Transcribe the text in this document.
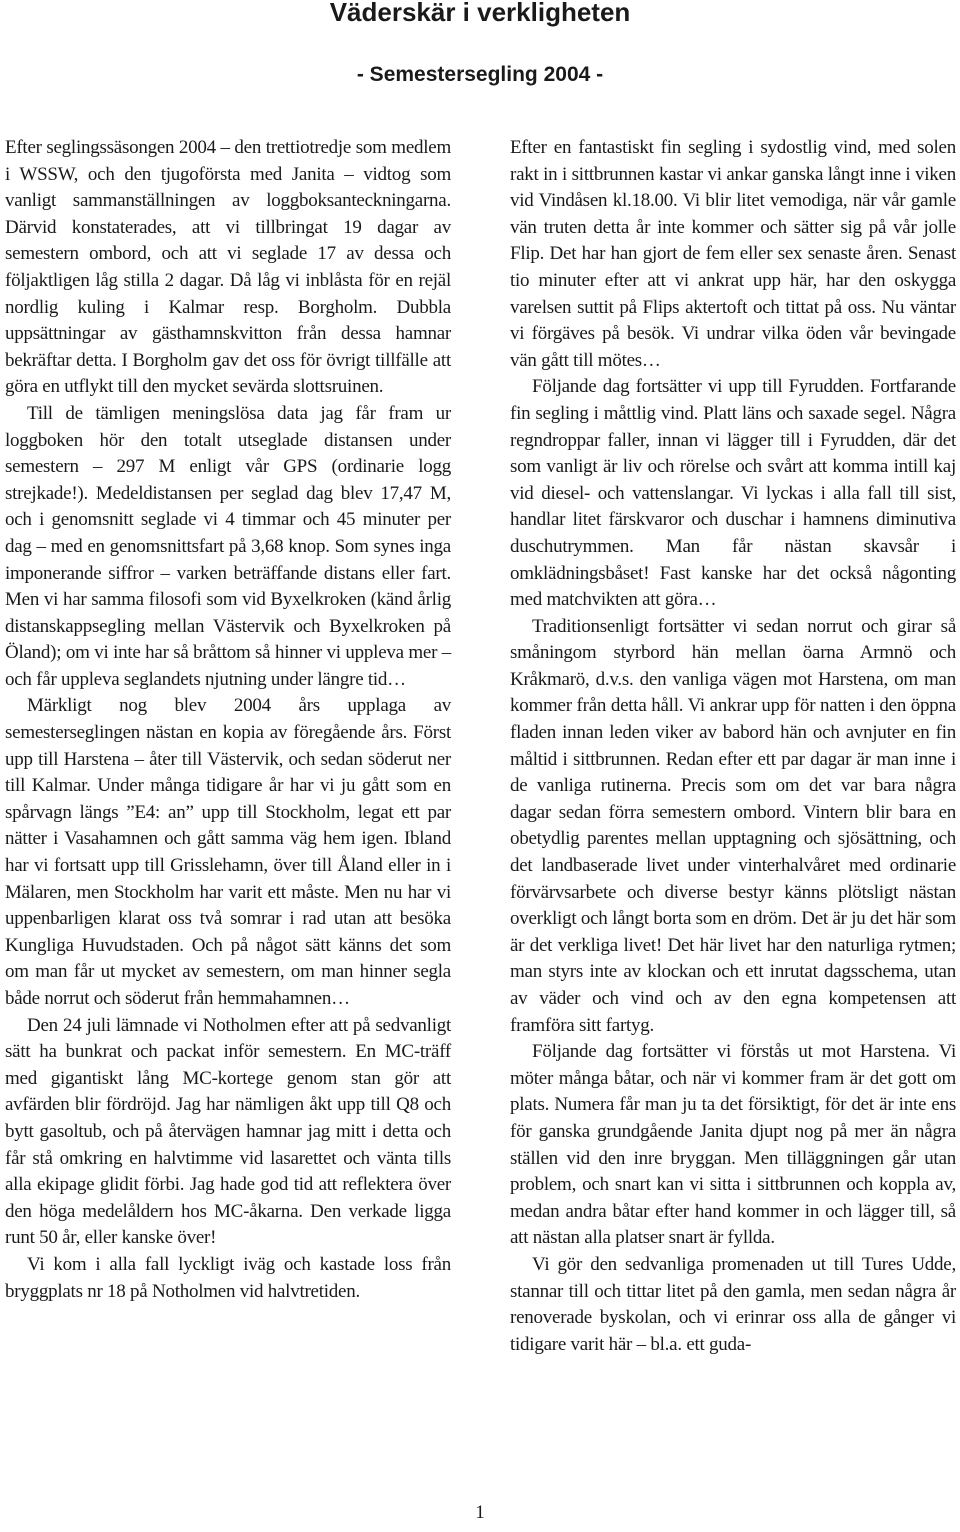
Väderskär i verkligheten
- Semestersegling 2004 -

Efter seglingssäsongen 2004 – den trettiotredje som medlem i WSSW, och den tjugoförsta med Janita – vidtog som vanligt sammanställningen av loggboksanteckningarna. Därvid konstaterades, att vi tillbringat 19 dagar av semestern ombord, och att vi seglade 17 av dessa och följaktligen låg stilla 2 dagar. Då låg vi inblåsta för en rejäl nordlig kuling i Kalmar resp. Borgholm. Dubbla uppsättningar av gästhamnskvitton från dessa hamnar bekräftar detta. I Borgholm gav det oss för övrigt tillfälle att göra en utflykt till den mycket sevärda slottsruinen.

Till de tämligen meningslösa data jag får fram ur loggboken hör den totalt utseglade distansen under semestern – 297 M enligt vår GPS (ordinarie logg strejkade!). Medeldistansen per seglad dag blev 17,47 M, och i genomsnitt seglade vi 4 timmar och 45 minuter per dag – med en genomsnittsfart på 3,68 knop. Som synes inga imponerande siffror – varken beträffande distans eller fart. Men vi har samma filosofi som vid Byxelkroken (känd årlig distanskappsegling mellan Västervik och Byxelkroken på Öland); om vi inte har så bråttom så hinner vi uppleva mer – och får uppleva seglandets njutning under längre tid…

Märkligt nog blev 2004 års upplaga av semesterseglingen nästan en kopia av föregående års. Först upp till Harstena – åter till Västervik, och sedan söderut ner till Kalmar. Under många tidigare år har vi ju gått som en spårvagn längs ”E4: an” upp till Stockholm, legat ett par nätter i Vasahamnen och gått samma väg hem igen. Ibland har vi fortsatt upp till Grisslehamn, över till Åland eller in i Mälaren, men Stockholm har varit ett måste. Men nu har vi uppenbarligen klarat oss två somrar i rad utan att besöka Kungliga Huvudstaden. Och på något sätt känns det som om man får ut mycket av semestern, om man hinner segla både norrut och söderut från hemmahamnen…

Den 24 juli lämnade vi Notholmen efter att på sedvanligt sätt ha bunkrat och packat inför semestern. En MC-träff med gigantiskt lång MC-kortege genom stan gör att avfärden blir fördröjd. Jag har nämligen åkt upp till Q8 och bytt gasoltub, och på återvägen hamnar jag mitt i detta och får stå omkring en halvtimme vid lasarettet och vänta tills alla ekipage glidit förbi. Jag hade god tid att reflektera över den höga medelåldern hos MC-åkarna. Den verkade ligga runt 50 år, eller kanske över!

Vi kom i alla fall lyckligt iväg och kastade loss från bryggplats nr 18 på Notholmen vid halvtretiden.

Efter en fantastiskt fin segling i sydostlig vind, med solen rakt in i sittbrunnen kastar vi ankar ganska långt inne i viken vid Vindåsen kl.18.00. Vi blir litet vemodiga, när vår gamle vän truten detta år inte kommer och sätter sig på vår jolle Flip. Det har han gjort de fem eller sex senaste åren. Senast tio minuter efter att vi ankrat upp här, har den oskygga varelsen suttit på Flips aktertoft och tittat på oss. Nu väntar vi förgäves på besök. Vi undrar vilka öden vår bevingade vän gått till mötes…

Följande dag fortsätter vi upp till Fyrudden. Fortfarande fin segling i måttlig vind. Platt läns och saxade segel. Några regndroppar faller, innan vi lägger till i Fyrudden, där det som vanligt är liv och rörelse och svårt att komma intill kaj vid diesel- och vattenslangar. Vi lyckas i alla fall till sist, handlar litet färskvaror och duschar i hamnens diminutiva duschutrymmen. Man får nästan skavsår i omklädningsbåset! Fast kanske har det också någonting med matchvikten att göra…

Traditionsenligt fortsätter vi sedan norrut och girar så småningom styrbord hän mellan öarna Armnö och Kråkmarö, d.v.s. den vanliga vägen mot Harstena, om man kommer från detta håll. Vi ankrar upp för natten i den öppna fladen innan leden viker av babord hän och avnjuter en fin måltid i sittbrunnen. Redan efter ett par dagar är man inne i de vanliga rutinerna. Precis som om det var bara några dagar sedan förra semestern ombord. Vintern blir bara en obetydlig parentes mellan upptagning och sjösättning, och det landbaserade livet under vinterhalvåret med ordinarie förvärvsarbete och diverse bestyr känns plötsligt nästan overkligt och långt borta som en dröm. Det är ju det här som är det verkliga livet! Det här livet har den naturliga rytmen; man styrs inte av klockan och ett inrutat dagsschema, utan av väder och vind och av den egna kompetensen att framföra sitt fartyg.

Följande dag fortsätter vi förstås ut mot Harstena. Vi möter många båtar, och när vi kommer fram är det gott om plats. Numera får man ju ta det försiktigt, för det är inte ens för ganska grundgående Janita djupt nog på mer än några ställen vid den inre bryggan. Men tilläggningen går utan problem, och snart kan vi sitta i sittbrunnen och koppla av, medan andra båtar efter hand kommer in och lägger till, så att nästan alla platser snart är fyllda.

Vi gör den sedvanliga promenaden ut till Tures Udde, stannar till och tittar litet på den gamla, men sedan några år renoverade byskolan, och vi erinrar oss alla de gånger vi tidigare varit här – bl.a. ett guda-

1
